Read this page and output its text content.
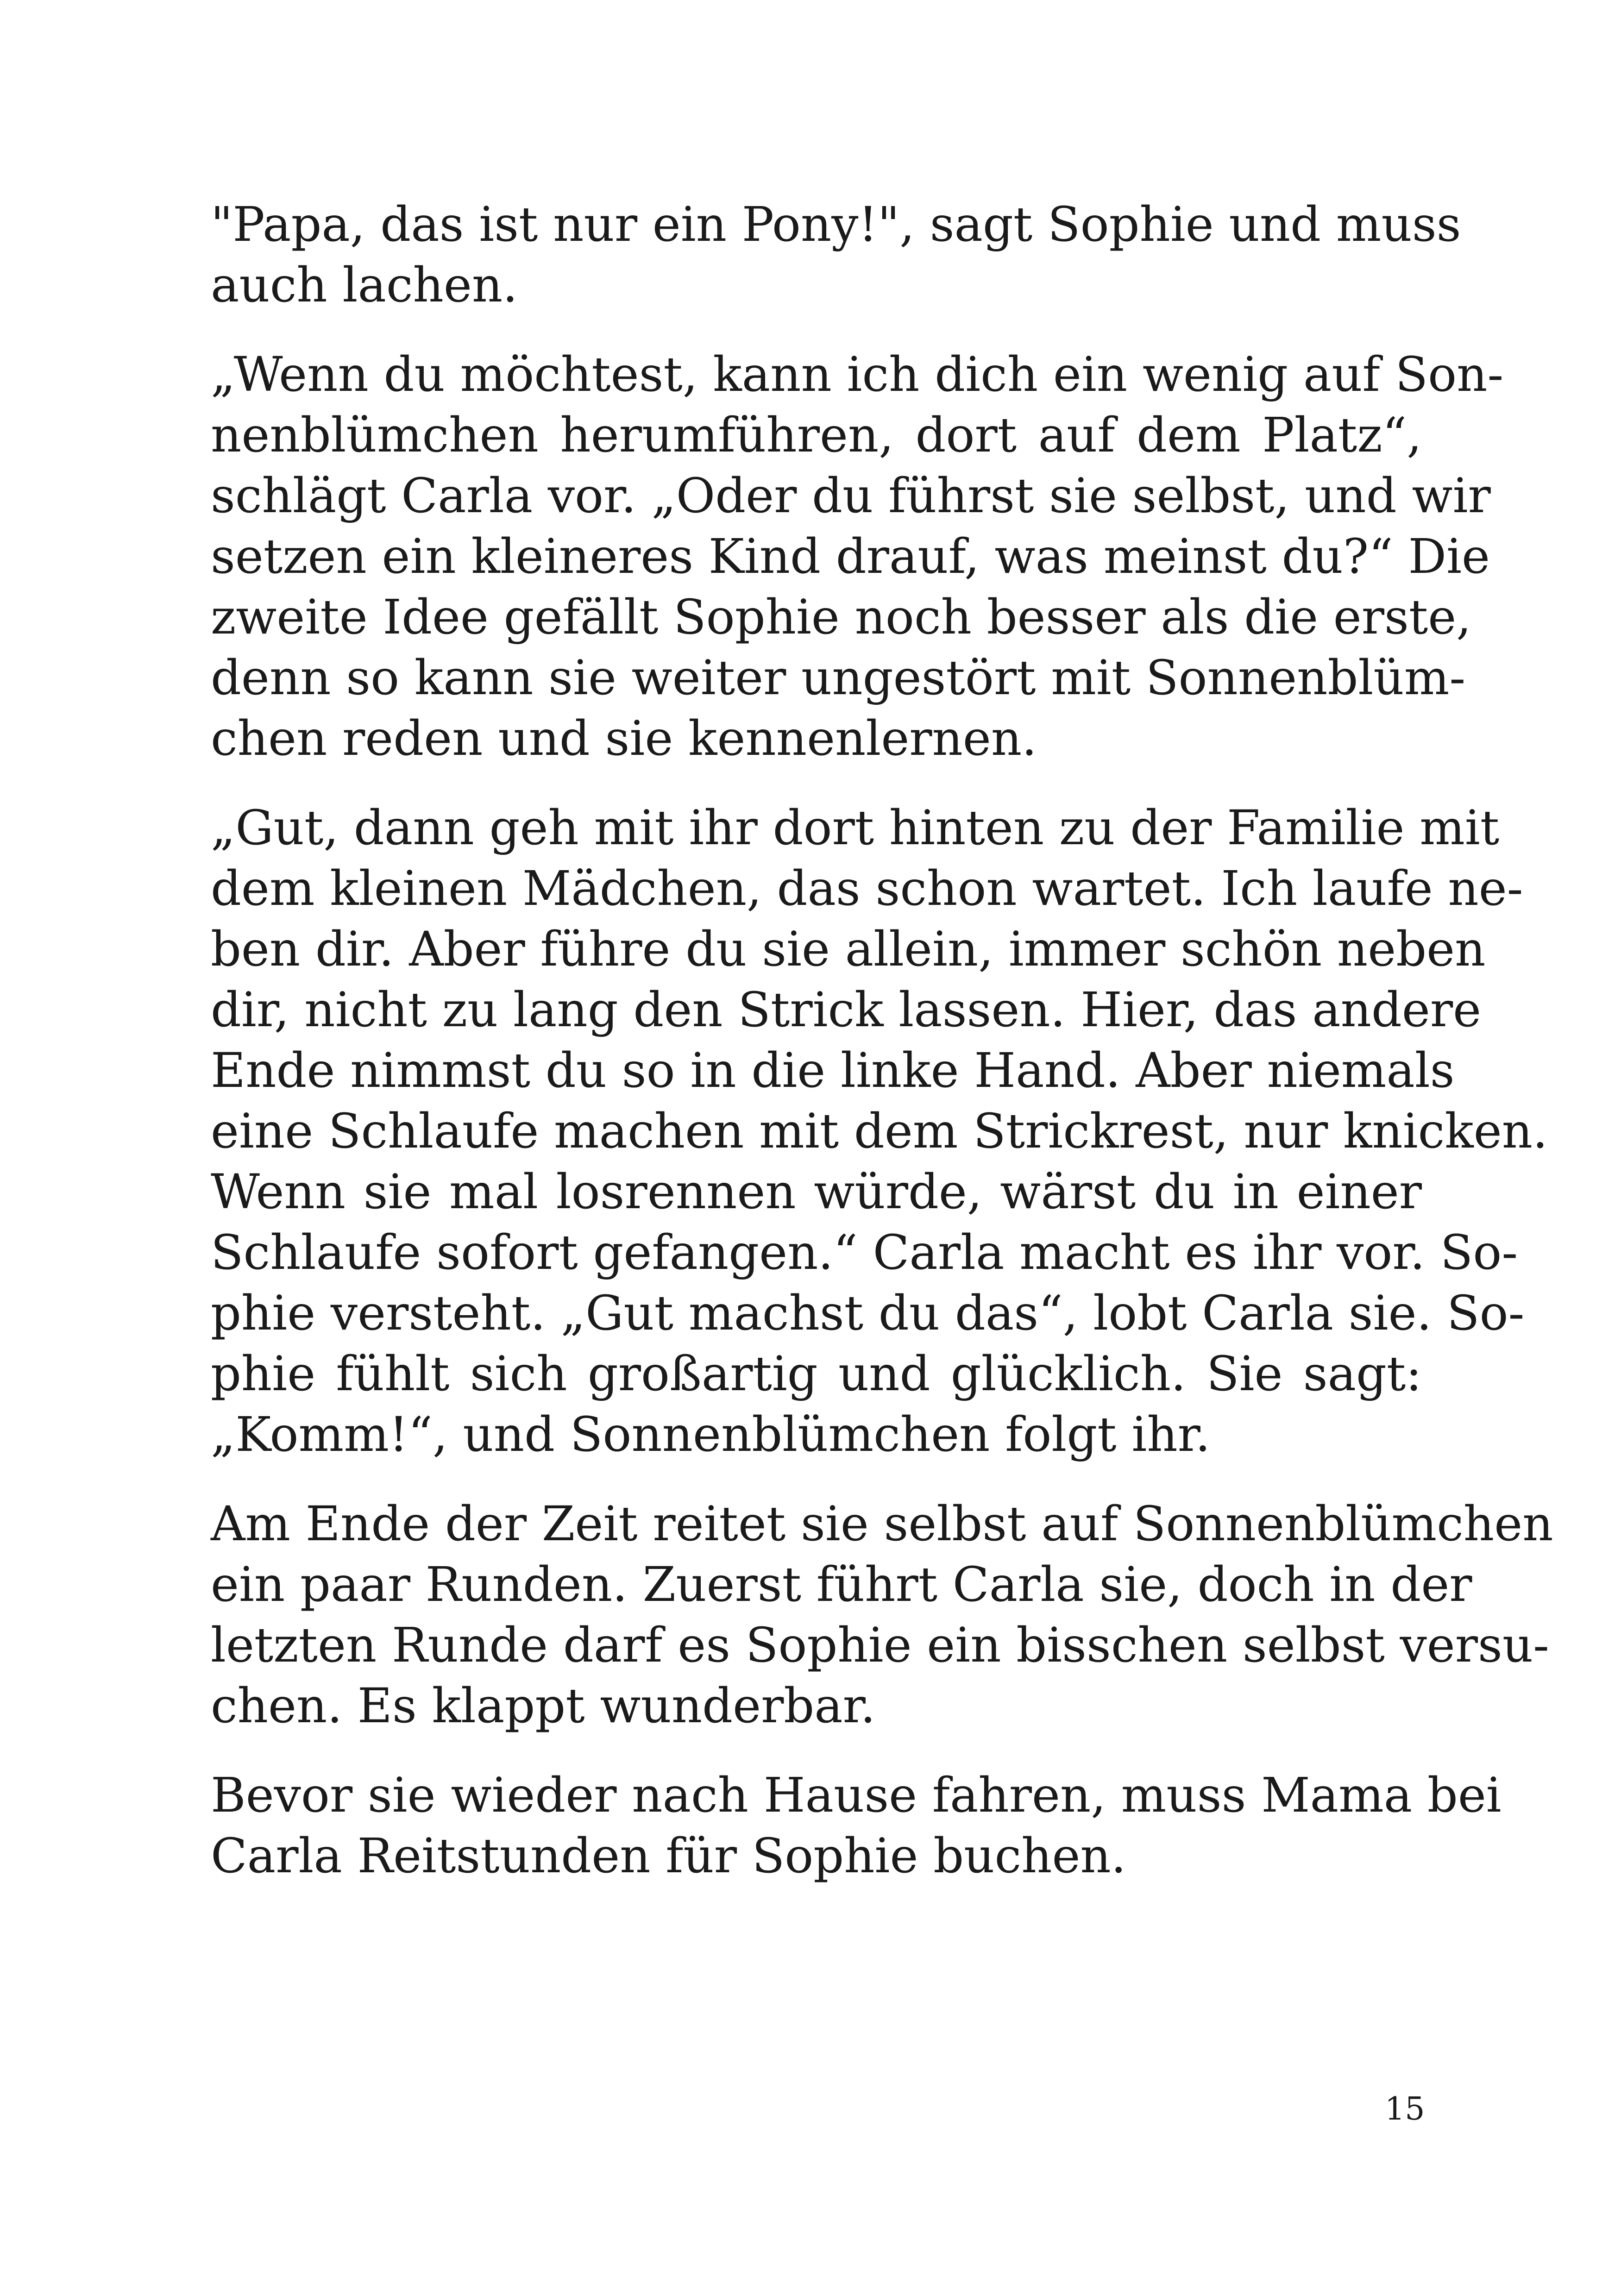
"Papa, das ist nur ein Pony!", sagt Sophie und muss
auch lachen.

„Wenn du möchtest, kann ich dich ein wenig auf Son-
nenblümchen herumführen, dort auf dem Platz“,
schlägt Carla vor. „Oder du führst sie selbst, und wir
setzen ein kleineres Kind drauf, was meinst du?“ Die
zweite Idee gefällt Sophie noch besser als die erste,
denn so kann sie weiter ungestört mit Sonnenblüm-
chen reden und sie kennenlernen.

„Gut, dann geh mit ihr dort hinten zu der Familie mit
dem kleinen Mädchen, das schon wartet. Ich laufe ne-
ben dir. Aber führe du sie allein, immer schön neben
dir, nicht zu lang den Strick lassen. Hier, das andere
Ende nimmst du so in die linke Hand. Aber niemals
eine Schlaufe machen mit dem Strickrest, nur knicken.
Wenn sie mal losrennen würde, wärst du in einer
Schlaufe sofort gefangen.“ Carla macht es ihr vor. So-
phie versteht. „Gut machst du das“, lobt Carla sie. So-
phie fühlt sich großartig und glücklich. Sie sagt:
„Komm!“, und Sonnenblümchen folgt ihr.

Am Ende der Zeit reitet sie selbst auf Sonnenblümchen
ein paar Runden. Zuerst führt Carla sie, doch in der
letzten Runde darf es Sophie ein bisschen selbst versu-
chen. Es klappt wunderbar.

Bevor sie wieder nach Hause fahren, muss Mama bei
Carla Reitstunden für Sophie buchen.

15
